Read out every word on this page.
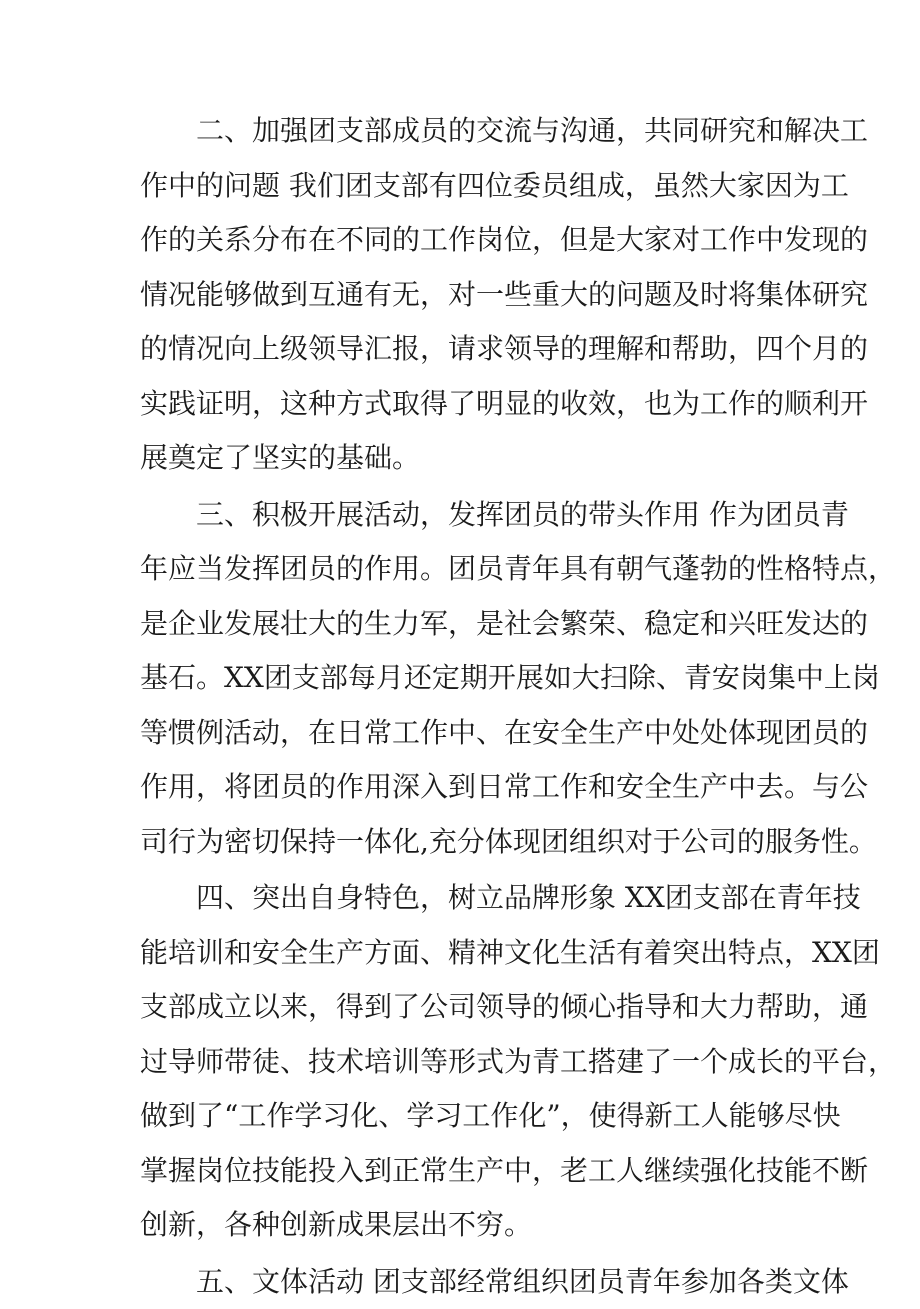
二、加强团支部成员的交流与沟通，共同研究和解决工
作中的问题 我们团支部有四位委员组成，虽然大家因为工
作的关系分布在不同的工作岗位，但是大家对工作中发现的
情况能够做到互通有无，对一些重大的问题及时将集体研究
的情况向上级领导汇报，请求领导的理解和帮助，四个月的
实践证明，这种方式取得了明显的收效，也为工作的顺利开
展奠定了坚实的基础。
三、积极开展活动，发挥团员的带头作用 作为团员青
年应当发挥团员的作用。团员青年具有朝气蓬勃的性格特点，
是企业发展壮大的生力军，是社会繁荣、稳定和兴旺发达的
基石。XX团支部每月还定期开展如大扫除、青安岗集中上岗
等惯例活动，在日常工作中、在安全生产中处处体现团员的
作用，将团员的作用深入到日常工作和安全生产中去。与公
司行为密切保持一体化,充分体现团组织对于公司的服务性。
四、突出自身特色，树立品牌形象 XX团支部在青年技
能培训和安全生产方面、精神文化生活有着突出特点，XX团
支部成立以来，得到了公司领导的倾心指导和大力帮助，通
过导师带徒、技术培训等形式为青工搭建了一个成长的平台，
做到了“工作学习化、学习工作化”，使得新工人能够尽快
掌握岗位技能投入到正常生产中，老工人继续强化技能不断
创新，各种创新成果层出不穷。
五、文体活动 团支部经常组织团员青年参加各类文体
